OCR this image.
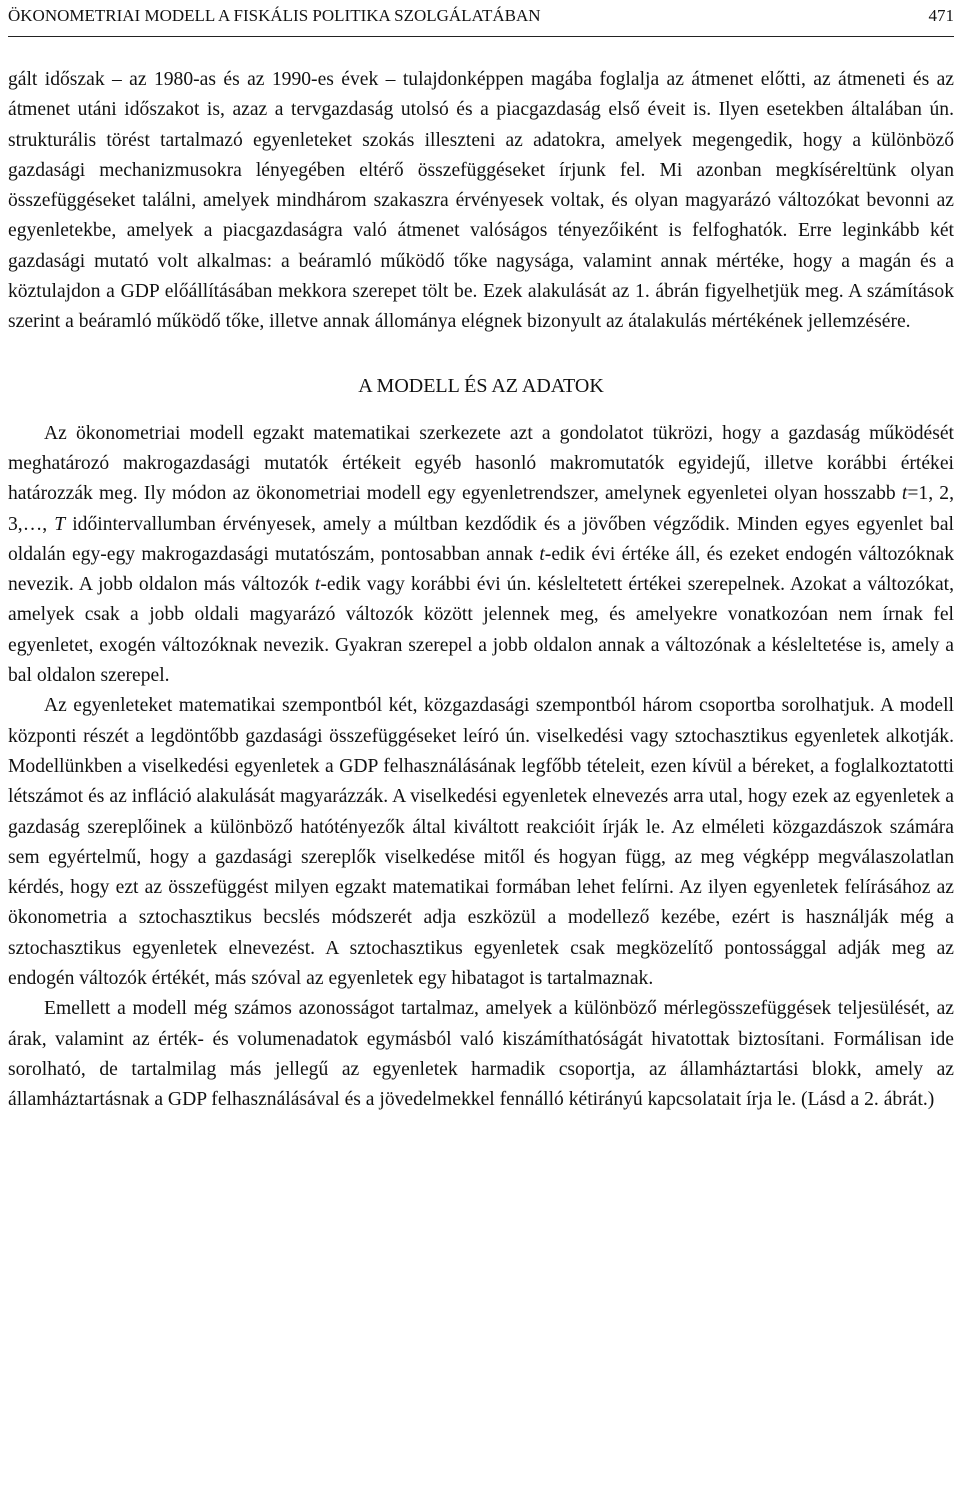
ÖKONOMETRIAI MODELL A FISKÁLIS POLITIKA SZOLGÁLATÁBAN	471

gált időszak – az 1980-as és az 1990-es évek – tulajdonképpen magába foglalja az átmenet előtti, az átmeneti és az átmenet utáni időszakot is, azaz a tervgazdaság utolsó és a piacgazdaság első éveit is. Ilyen esetekben általában ún. strukturális törést tartalmazó egyenleteket szokás illeszteni az adatokra, amelyek megengedik, hogy a különböző gazdasági mechanizmusokra lényegében eltérő összefüggéseket írjunk fel. Mi azonban megkíséreltünk olyan összefüggéseket találni, amelyek mindhárom szakaszra érvényesek voltak, és olyan magyarázó változókat bevonni az egyenletekbe, amelyek a piacgazdaságra való átmenet valóságos tényezőiként is felfoghatók. Erre leginkább két gazdasági mutató volt alkalmas: a beáramló működő tőke nagysága, valamint annak mértéke, hogy a magán és a köztulajdon a GDP előállításában mekkora szerepet tölt be. Ezek alakulását az 1. ábrán figyelhetjük meg. A számítások szerint a beáramló működő tőke, illetve annak állománya elégnek bizonyult az átalakulás mértékének jellemzésére.

A MODELL ÉS AZ ADATOK

Az ökonometriai modell egzakt matematikai szerkezete azt a gondolatot tükrözi, hogy a gazdaság működését meghatározó makrogazdasági mutatók értékeit egyéb hasonló makromutatók egyidejű, illetve korábbi értékei határozzák meg. Ily módon az ökonometriai modell egy egyenletrendszer, amelynek egyenletei olyan hosszabb t=1, 2, 3,…, T időintervallumban érvényesek, amely a múltban kezdődik és a jövőben végződik. Minden egyes egyenlet bal oldalán egy-egy makrogazdasági mutatószám, pontosabban annak t-edik évi értéke áll, és ezeket endogén változóknak nevezik. A jobb oldalon más változók t-edik vagy korábbi évi ún. késleltetett értékei szerepelnek. Azokat a változókat, amelyek csak a jobb oldali magyarázó változók között jelennek meg, és amelyekre vonatkozóan nem írnak fel egyenletet, exogén változóknak nevezik. Gyakran szerepel a jobb oldalon annak a változónak a késleltetése is, amely a bal oldalon szerepel.

Az egyenleteket matematikai szempontból két, közgazdasági szempontból három csoportba sorolhatjuk. A modell központi részét a legdöntőbb gazdasági összefüggéseket leíró ún. viselkedési vagy sztochasztikus egyenletek alkotják. Modellünkben a viselkedési egyenletek a GDP felhasználásának legfőbb tételeit, ezen kívül a béreket, a foglalkoztatotti létszámot és az infláció alakulását magyarázzák. A viselkedési egyenletek elnevezés arra utal, hogy ezek az egyenletek a gazdaság szereplőinek a különböző hatótényezők által kiváltott reakcióit írják le. Az elméleti közgazdászok számára sem egyértelmű, hogy a gazdasági szereplők viselkedése mitől és hogyan függ, az meg végképp megválaszolatlan kérdés, hogy ezt az összefüggést milyen egzakt matematikai formában lehet felírni. Az ilyen egyenletek felírásához az ökonometria a sztochasztikus becslés módszerét adja eszközül a modellező kezébe, ezért is használják még a sztochasztikus egyenletek elnevezést. A sztochasztikus egyenletek csak megközelítő pontossággal adják meg az endogén változók értékét, más szóval az egyenletek egy hibatagot is tartalmaznak.

Emellett a modell még számos azonosságot tartalmaz, amelyek a különböző mérlegösszefüggések teljesülését, az árak, valamint az érték- és volumenadatok egymásból való kiszámíthatóságát hivatottak biztosítani. Formálisan ide sorolható, de tartalmilag más jellegű az egyenletek harmadik csoportja, az államháztartási blokk, amely az államháztartásnak a GDP felhasználásával és a jövedelmekkel fennálló kétirányú kapcsolatait írja le. (Lásd a 2. ábrát.)
